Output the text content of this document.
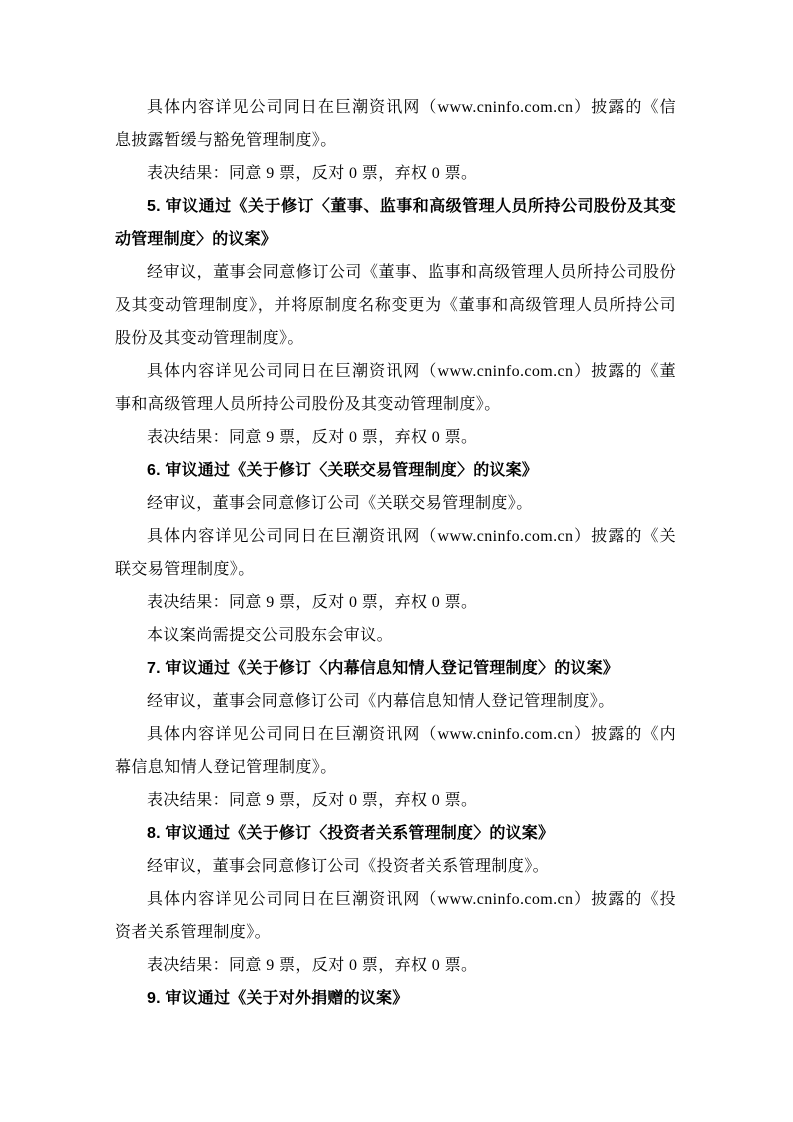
具体内容详见公司同日在巨潮资讯网（www.cninfo.com.cn）披露的《信息披露暂缓与豁免管理制度》。

表决结果：同意 9 票，反对 0 票，弃权 0 票。

5. 审议通过《关于修订〈董事、监事和高级管理人员所持公司股份及其变动管理制度〉的议案》

经审议，董事会同意修订公司《董事、监事和高级管理人员所持公司股份及其变动管理制度》，并将原制度名称变更为《董事和高级管理人员所持公司股份及其变动管理制度》。

具体内容详见公司同日在巨潮资讯网（www.cninfo.com.cn）披露的《董事和高级管理人员所持公司股份及其变动管理制度》。

表决结果：同意 9 票，反对 0 票，弃权 0 票。

6. 审议通过《关于修订〈关联交易管理制度〉的议案》

经审议，董事会同意修订公司《关联交易管理制度》。

具体内容详见公司同日在巨潮资讯网（www.cninfo.com.cn）披露的《关联交易管理制度》。

表决结果：同意 9 票，反对 0 票，弃权 0 票。

本议案尚需提交公司股东会审议。

7. 审议通过《关于修订〈内幕信息知情人登记管理制度〉的议案》

经审议，董事会同意修订公司《内幕信息知情人登记管理制度》。

具体内容详见公司同日在巨潮资讯网（www.cninfo.com.cn）披露的《内幕信息知情人登记管理制度》。

表决结果：同意 9 票，反对 0 票，弃权 0 票。

8. 审议通过《关于修订〈投资者关系管理制度〉的议案》

经审议，董事会同意修订公司《投资者关系管理制度》。

具体内容详见公司同日在巨潮资讯网（www.cninfo.com.cn）披露的《投资者关系管理制度》。

表决结果：同意 9 票，反对 0 票，弃权 0 票。

9. 审议通过《关于对外捐赠的议案》
